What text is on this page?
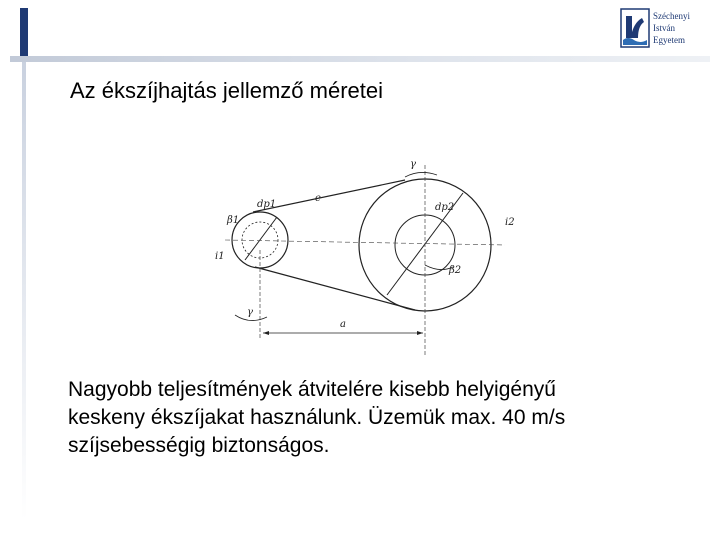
Széchenyi
István
Egyetem
Az ékszíjhajtás jellemző méretei
β1
dp1
e
γ
dp2
i2
i1
β2
γ
a
Nagyobb teljesítmények átvitelére kisebb helyigényű
keskeny ékszíjakat használunk. Üzemük max. 40 m/s
szíjsebességig biztonságos.
